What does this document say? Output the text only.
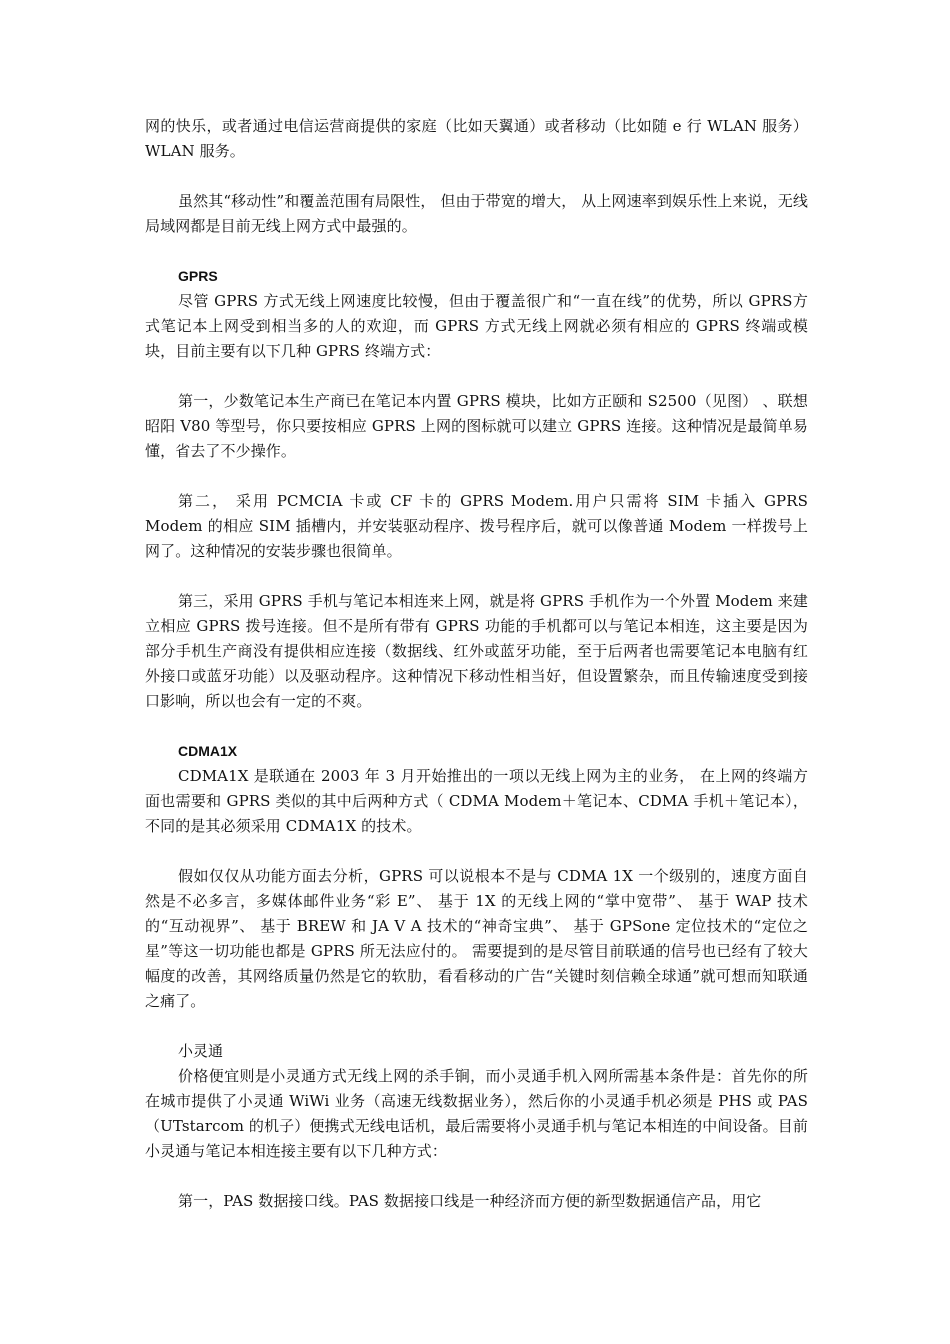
网的快乐，或者通过电信运营商提供的家庭（比如天翼通）或者移动（比如随 e 行 WLAN 服务）WLAN 服务。

虽然其“移动性”和覆盖范围有局限性， 但由于带宽的增大， 从上网速率到娱乐性上来说，无线局域网都是目前无线上网方式中最强的。

GPRS

尽管 GPRS 方式无线上网速度比较慢，但由于覆盖很广和“一直在线”的优势，所以 GPRS方式笔记本上网受到相当多的人的欢迎，而 GPRS 方式无线上网就必须有相应的 GPRS 终端或模块，目前主要有以下几种 GPRS 终端方式：

第一，少数笔记本生产商已在笔记本内置 GPRS 模块，比如方正颐和 S2500（见图） 、联想昭阳 V80 等型号，你只要按相应 GPRS 上网的图标就可以建立 GPRS 连接。这种情况是最简单易懂，省去了不少操作。

第二， 采用 PCMCIA 卡或 CF 卡的 GPRS Modem.用户只需将 SIM 卡插入 GPRS Modem 的相应 SIM 插槽内，并安装驱动程序、拨号程序后，就可以像普通 Modem 一样拨号上网了。这种情况的安装步骤也很简单。

第三，采用 GPRS 手机与笔记本相连来上网，就是将 GPRS 手机作为一个外置 Modem 来建立相应 GPRS 拨号连接。但不是所有带有 GPRS 功能的手机都可以与笔记本相连，这主要是因为部分手机生产商没有提供相应连接（数据线、红外或蓝牙功能，至于后两者也需要笔记本电脑有红外接口或蓝牙功能）以及驱动程序。这种情况下移动性相当好，但设置繁杂，而且传输速度受到接口影响，所以也会有一定的不爽。

CDMA1X

CDMA1X 是联通在 2003 年 3 月开始推出的一项以无线上网为主的业务， 在上网的终端方面也需要和 GPRS 类似的其中后两种方式（ CDMA Modem＋笔记本、CDMA 手机＋笔记本），不同的是其必须采用 CDMA1X 的技术。

假如仅仅从功能方面去分析，GPRS 可以说根本不是与 CDMA 1X 一个级别的，速度方面自然是不必多言，多媒体邮件业务“彩 E”、 基于 1X 的无线上网的“掌中宽带”、 基于 WAP 技术的“互动视界”、 基于 BREW 和 JA V A 技术的“神奇宝典”、 基于 GPSone 定位技术的“定位之星”等这一切功能也都是 GPRS 所无法应付的。 需要提到的是尽管目前联通的信号也已经有了较大幅度的改善，其网络质量仍然是它的软肋，看看移动的广告“关键时刻信赖全球通”就可想而知联通之痛了。

小灵通

价格便宜则是小灵通方式无线上网的杀手锏，而小灵通手机入网所需基本条件是：首先你的所在城市提供了小灵通 WiWi 业务（高速无线数据业务），然后你的小灵通手机必须是 PHS 或 PAS（UTstarcom 的机子）便携式无线电话机，最后需要将小灵通手机与笔记本相连的中间设备。目前小灵通与笔记本相连接主要有以下几种方式：

第一，PAS 数据接口线。PAS 数据接口线是一种经济而方便的新型数据通信产品，用它
